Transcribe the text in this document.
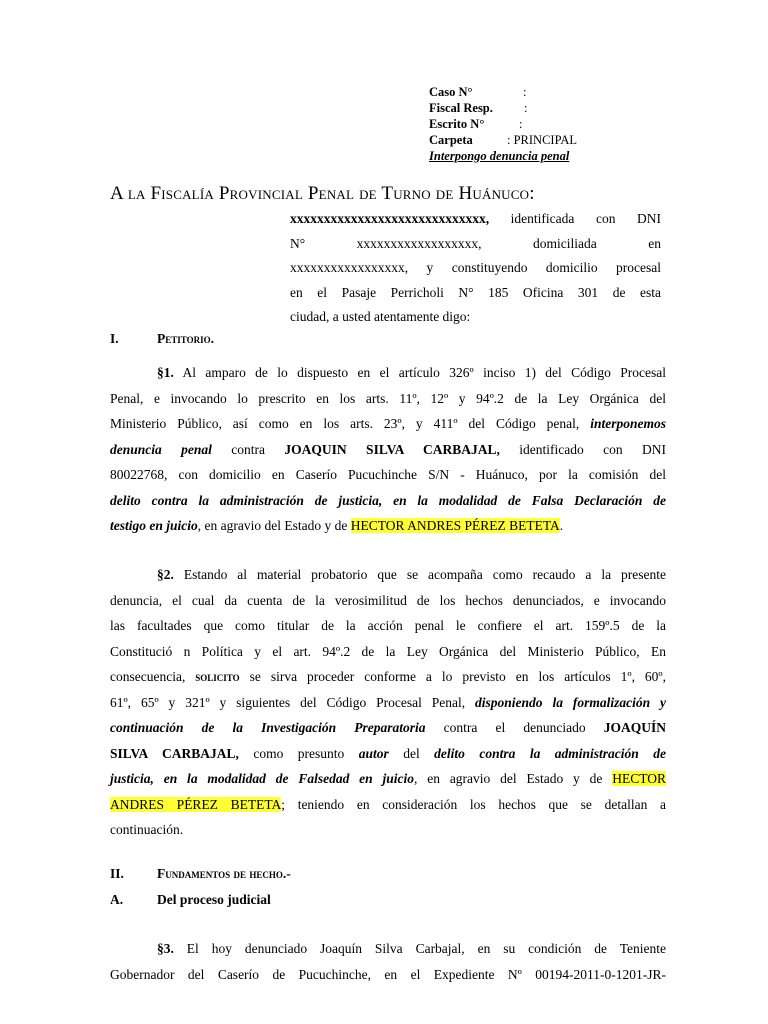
Caso N°	:
Fiscal Resp.	:
Escrito N°	:
Carpeta	: PRINCIPAL
Interpongo denuncia penal
A la Fiscalía Provincial Penal de Turno de Huánuco:
xxxxxxxxxxxxxxxxxxxxxxxxxxxxx, identificada con DNI
N° xxxxxxxxxxxxxxxxxx, domiciliada en
xxxxxxxxxxxxxxxxx, y constituyendo domicilio procesal
en el Pasaje Perricholi N° 185 Oficina 301 de esta
ciudad, a usted atentamente digo:
I.	Petitorio.
§1. Al amparo de lo dispuesto en el artículo 326º inciso 1) del Código Procesal
Penal, e invocando lo prescrito en los arts. 11º, 12º y 94º.2 de la Ley Orgánica del
Ministerio Público, así como en los arts. 23º, y 411º del Código penal, interponemos
denuncia penal contra JOAQUIN SILVA CARBAJAL, identificado con DNI
80022768, con domicilio en Caserío Pucuchinche S/N - Huánuco, por la comisión del
delito contra la administración de justicia, en la modalidad de Falsa Declaración de
testigo en juicio, en agravio del Estado y de HECTOR ANDRES PÉREZ BETETA.
§2. Estando al material probatorio que se acompaña como recaudo a la presente
denuncia, el cual da cuenta de la verosimilitud de los hechos denunciados, e invocando
las facultades que como titular de la acción penal le confiere el art. 159º.5 de la
Constitució n Política y el art. 94º.2 de la Ley Orgánica del Ministerio Público, En
consecuencia, solicito se sirva proceder conforme a lo previsto en los artículos 1º, 60º,
61º, 65º y 321º y siguientes del Código Procesal Penal, disponiendo la formalización y
continuación de la Investigación Preparatoria contra el denunciado JOAQUÍN
SILVA CARBAJAL, como presunto autor del delito contra la administración de
justicia, en la modalidad de Falsedad en juicio, en agravio del Estado y de HECTOR
ANDRES PÉREZ BETETA; teniendo en consideración los hechos que se detallan a
continuación.
II. Fundamentos de hecho.-
A.	Del proceso judicial
§3. El hoy denunciado Joaquín Silva Carbajal, en su condición de Teniente
Gobernador del Caserío de Pucuchinche, en el Expediente Nº 00194-2011-0-1201-JR-
